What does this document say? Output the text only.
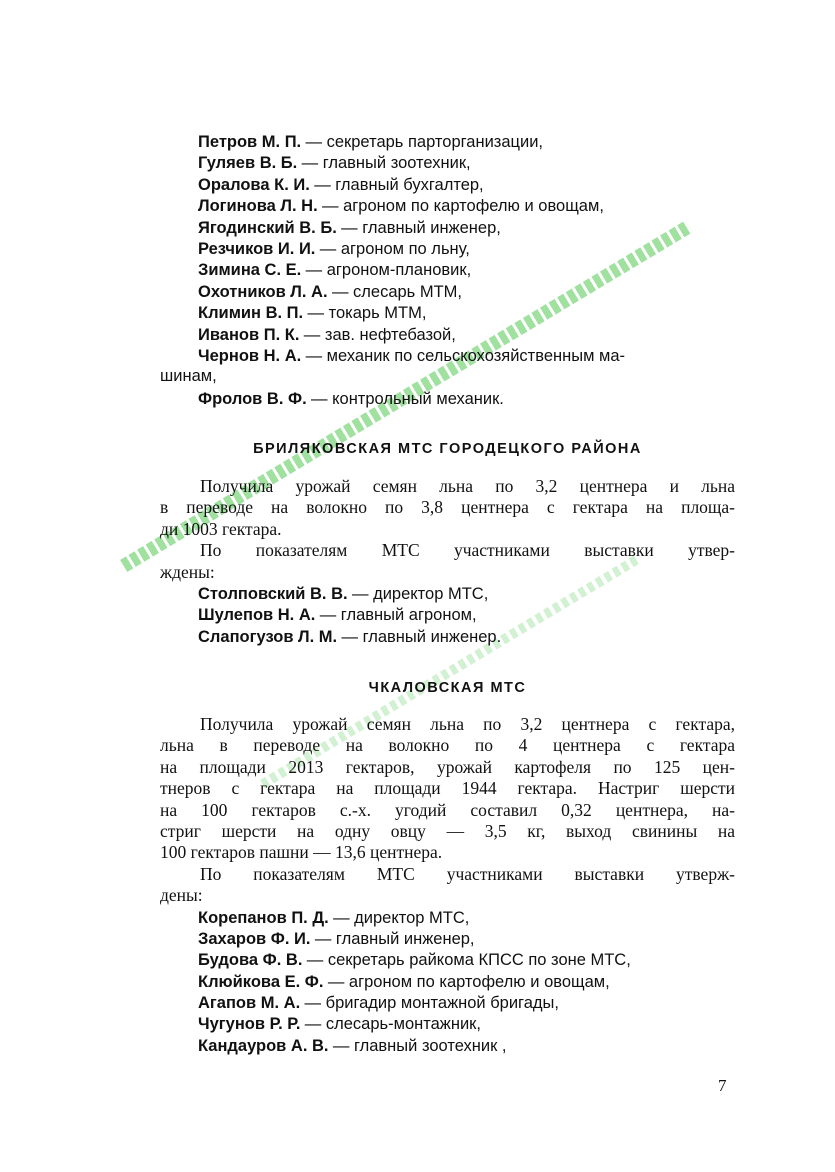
Петров М. П. — секретарь парторганизации,
Гуляев В. Б. — главный зоотехник,
Оралова К. И. — главный бухгалтер,
Логинова Л. Н. — агроном по картофелю и овощам,
Ягодинский В. Б. — главный инженер,
Резчиков И. И. — агроном по льну,
Зимина С. Е. — агроном-плановик,
Охотников Л. А. — слесарь МТМ,
Климин В. П. — токарь МТМ,
Иванов П. К. — зав. нефтебазой,
Чернов Н. А. — механик по сельскохозяйственным ма-
шинам,
Фролов В. Ф. — контрольный механик.
БРИЛЯКОВСКАЯ МТС ГОРОДЕЦКОГО РАЙОНА
Получила урожай семян льна по 3,2 центнера и льна
в переводе на волокно по 3,8 центнера с гектара на площа-
ди 1003 гектара.
По показателям МТС участниками выставки утвер-
ждены:
Столповский В. В. — директор МТС,
Шулепов Н. А. — главный агроном,
Слапогузов Л. М. — главный инженер.
ЧКАЛОВСКАЯ МТС
Получила урожай семян льна по 3,2 центнера с гектара,
льна в переводе на волокно по 4 центнера с гектара
на площади 2013 гектаров, урожай картофеля по 125 цен-
тнеров с гектара на площади 1944 гектара. Настриг шерсти
на 100 гектаров с.-х. угодий составил 0,32 центнера, на-
стриг шерсти на одну овцу — 3,5 кг, выход свинины на
100 гектаров пашни — 13,6 центнера.
По показателям МТС участниками выставки утверж-
дены:
Корепанов П. Д. — директор МТС,
Захаров Ф. И. — главный инженер,
Будова Ф. В. — секретарь райкома КПСС по зоне МТС,
Клюйкова Е. Ф. — агроном по картофелю и овощам,
Агапов М. А. — бригадир монтажной бригады,
Чугунов Р. Р. — слесарь-монтажник,
Кандауров А. В. — главный зоотехник ,
7
